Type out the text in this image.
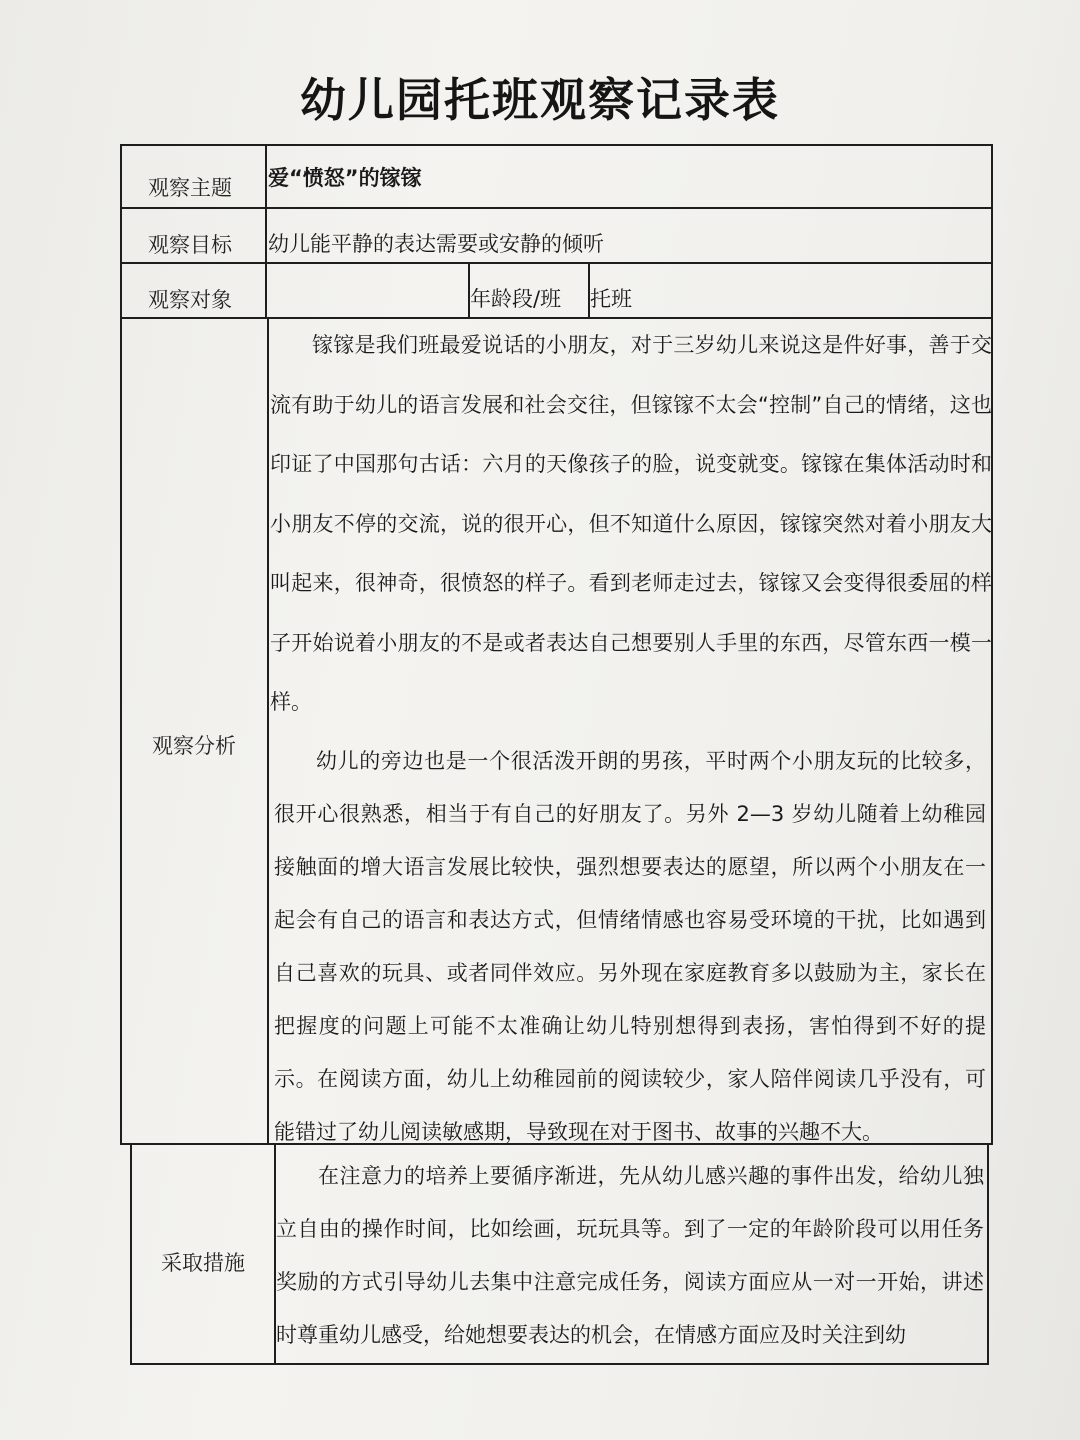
幼儿园托班观察记录表
观察主题 爱“愤怒”的镓镓
观察目标 幼儿能平静的表达需要或安静的倾听
观察对象	年龄段/班 托班
观察分析

镓镓是我们班最爱说话的小朋友，对于三岁幼儿来说这是件好事，善于交流有助于幼儿的语言发展和社会交往，但镓镓不太会“控制”自己的情绪，这也印证了中国那句古话：六月的天像孩子的脸，说变就变。镓镓在集体活动时和小朋友不停的交流，说的很开心，但不知道什么原因，镓镓突然对着小朋友大叫起来，很神奇，很愤怒的样子。看到老师走过去，镓镓又会变得很委屈的样子开始说着小朋友的不是或者表达自己想要别人手里的东西，尽管东西一模一样。

幼儿的旁边也是一个很活泼开朗的男孩，平时两个小朋友玩的比较多，很开心很熟悉，相当于有自己的好朋友了。另外 2—3 岁幼儿随着上幼稚园接触面的增大语言发展比较快，强烈想要表达的愿望，所以两个小朋友在一起会有自己的语言和表达方式，但情绪情感也容易受环境的干扰，比如遇到自己喜欢的玩具、或者同伴效应。另外现在家庭教育多以鼓励为主，家长在把握度的问题上可能不太准确让幼儿特别想得到表扬，害怕得到不好的提示。在阅读方面，幼儿上幼稚园前的阅读较少，家人陪伴阅读几乎没有，可能错过了幼儿阅读敏感期，导致现在对于图书、故事的兴趣不大。

采取措施

在注意力的培养上要循序渐进，先从幼儿感兴趣的事件出发，给幼儿独立自由的操作时间，比如绘画，玩玩具等。到了一定的年龄阶段可以用任务奖励的方式引导幼儿去集中注意完成任务，阅读方面应从一对一开始，讲述时尊重幼儿感受，给她想要表达的机会，在情感方面应及时关注到幼
